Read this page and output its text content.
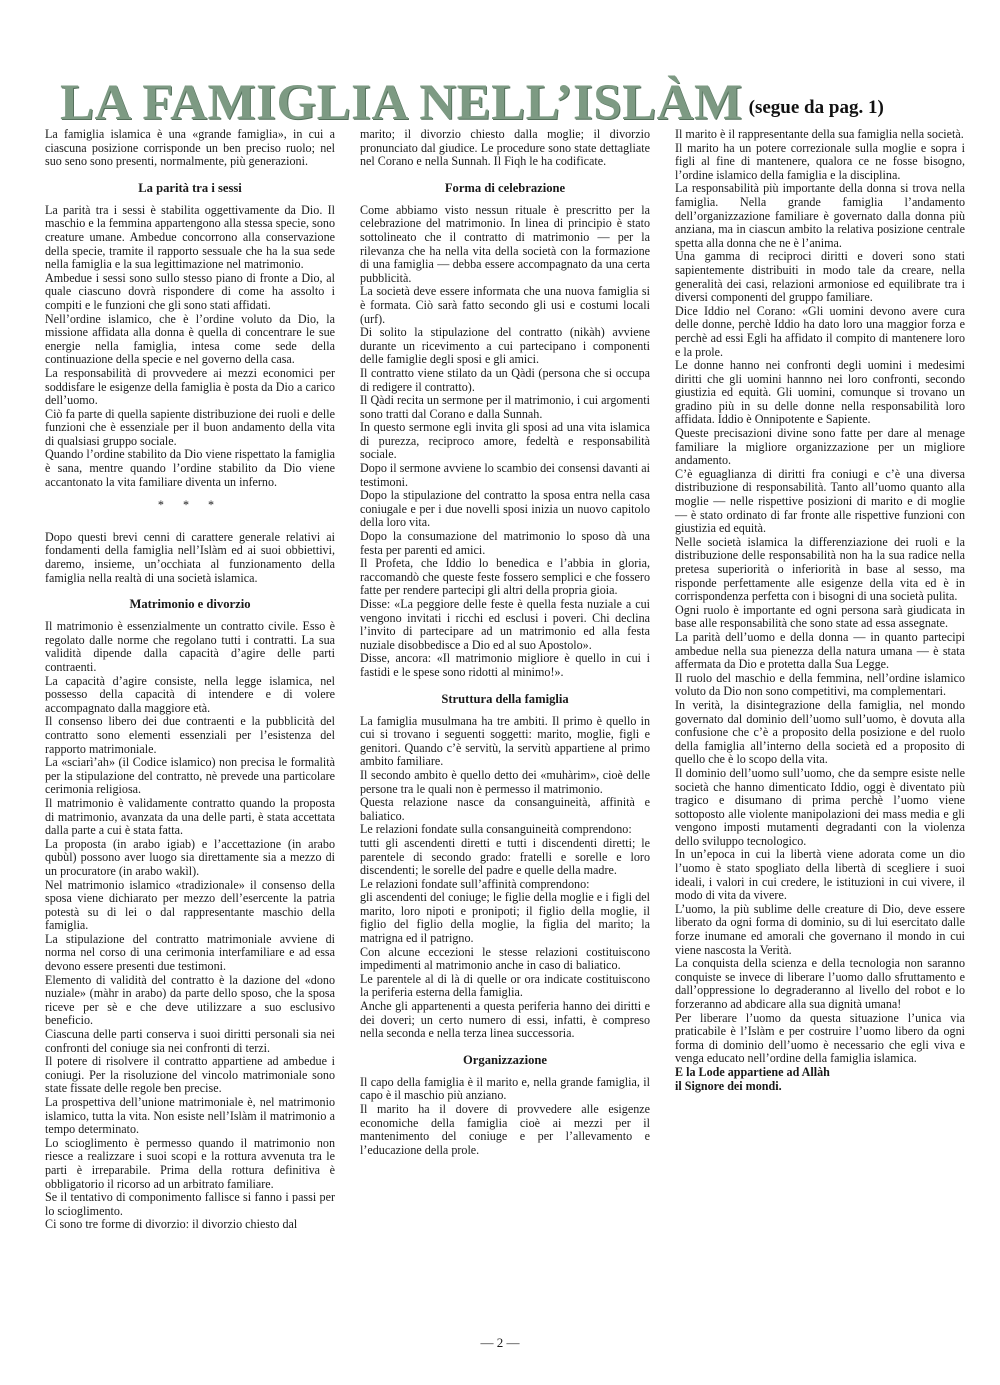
LA FAMIGLIA NELL’ISLÀM (segue da pag. 1)

La famiglia islamica è una «grande famiglia», in cui a ciascuna posizione corrisponde un ben preciso ruolo; nel suo seno sono presenti, normalmente, più generazioni.

La parità tra i sessi

La parità tra i sessi è stabilita oggettivamente da Dio. Il maschio e la femmina appartengono alla stessa specie, sono creature umane. Ambedue concorrono alla conservazione della specie, tramite il rapporto sessuale che ha la sua sede nella famiglia e la sua legittimazione nel matrimonio.

Ambedue i sessi sono sullo stesso piano di fronte a Dio, al quale ciascuno dovrà rispondere di come ha assolto i compiti e le funzioni che gli sono stati affidati.

Nell’ordine islamico, che è l’ordine voluto da Dio, la missione affidata alla donna è quella di concentrare le sue energie nella famiglia, intesa come sede della continuazione della specie e nel governo della casa.

La responsabilità di provvedere ai mezzi economici per soddisfare le esigenze della famiglia è posta da Dio a carico dell’uomo.

Ciò fa parte di quella sapiente distribuzione dei ruoli e delle funzioni che è essenziale per il buon andamento della vita di qualsiasi gruppo sociale.

Quando l’ordine stabilito da Dio viene rispettato la famiglia è sana, mentre quando l’ordine stabilito da Dio viene accantonato la vita familiare diventa un inferno.

* * *

Dopo questi brevi cenni di carattere generale relativi ai fondamenti della famiglia nell’Islàm ed ai suoi obbiettivi, daremo, insieme, un’occhiata al funzionamento della famiglia nella realtà di una società islamica.

Matrimonio e divorzio

Il matrimonio è essenzialmente un contratto civile. Esso è regolato dalle norme che regolano tutti i contratti. La sua validità dipende dalla capacità d’agire delle parti contraenti.

La capacità d’agire consiste, nella legge islamica, nel possesso della capacità di intendere e di volere accompagnato dalla maggiore età.

Il consenso libero dei due contraenti e la pubblicità del contratto sono elementi essenziali per l’esistenza del rapporto matrimoniale.

La «sciarì’ah» (il Codice islamico) non precisa le formalità per la stipulazione del contratto, nè prevede una particolare cerimonia religiosa.

Il matrimonio è validamente contratto quando la proposta di matrimonio, avanzata da una delle parti, è stata accettata dalla parte a cui è stata fatta.

La proposta (in arabo igiab) e l’accettazione (in arabo qubùl) possono aver luogo sia direttamente sia a mezzo di un procuratore (in arabo wakìl).

Nel matrimonio islamico «tradizionale» il consenso della sposa viene dichiarato per mezzo dell’esercente la patria potestà su di lei o dal rappresentante maschio della famiglia.

La stipulazione del contratto matrimoniale avviene di norma nel corso di una cerimonia interfamiliare e ad essa devono essere presenti due testimoni.

Elemento di validità del contratto è la dazione del «dono nuziale» (màhr in arabo) da parte dello sposo, che la sposa riceve per sè e che deve utilizzare a suo esclusivo beneficio.

Ciascuna delle parti conserva i suoi diritti personali sia nei confronti del coniuge sia nei confronti di terzi.

Il potere di risolvere il contratto appartiene ad ambedue i coniugi. Per la risoluzione del vincolo matrimoniale sono state fissate delle regole ben precise.

La prospettiva dell’unione matrimoniale è, nel matrimonio islamico, tutta la vita. Non esiste nell’Islàm il matrimonio a tempo determinato.

Lo scioglimento è permesso quando il matrimonio non riesce a realizzare i suoi scopi e la rottura avvenuta tra le parti è irreparabile. Prima della rottura definitiva è obbligatorio il ricorso ad un arbitrato familiare.

Se il tentativo di componimento fallisce si fanno i passi per lo scioglimento.

Ci sono tre forme di divorzio: il divorzio chiesto dal

marito; il divorzio chiesto dalla moglie; il divorzio pronunciato dal giudice. Le procedure sono state dettagliate nel Corano e nella Sunnah. Il Fiqh le ha codificate.

Forma di celebrazione

Come abbiamo visto nessun rituale è prescritto per la celebrazione del matrimonio. In linea di principio è stato sottolineato che il contratto di matrimonio — per la rilevanza che ha nella vita della società con la formazione di una famiglia — debba essere accompagnato da una certa pubblicità.

La società deve essere informata che una nuova famiglia si è formata. Ciò sarà fatto secondo gli usi e costumi locali (urf).

Di solito la stipulazione del contratto (nikàh) avviene durante un ricevimento a cui partecipano i componenti delle famiglie degli sposi e gli amici.

Il contratto viene stilato da un Qàdi (persona che si occupa di redigere il contratto).

Il Qàdi recita un sermone per il matrimonio, i cui argomenti sono tratti dal Corano e dalla Sunnah.

In questo sermone egli invita gli sposi ad una vita islamica di purezza, reciproco amore, fedeltà e responsabilità sociale.

Dopo il sermone avviene lo scambio dei consensi davanti ai testimoni.

Dopo la stipulazione del contratto la sposa entra nella casa coniugale e per i due novelli sposi inizia un nuovo capitolo della loro vita.

Dopo la consumazione del matrimonio lo sposo dà una festa per parenti ed amici.

Il Profeta, che Iddio lo benedica e l’abbia in gloria, raccomandò che queste feste fossero semplici e che fossero fatte per rendere partecipi gli altri della propria gioia.

Disse: «La peggiore delle feste è quella festa nuziale a cui vengono invitati i ricchi ed esclusi i poveri. Chi declina l’invito di partecipare ad un matrimonio ed alla festa nuziale disobbedisce a Dio ed al suo Apostolo».

Disse, ancora: «Il matrimonio migliore è quello in cui i fastidi e le spese sono ridotti al minimo!».

Struttura della famiglia

La famiglia musulmana ha tre ambiti. Il primo è quello in cui si trovano i seguenti soggetti: marito, moglie, figli e genitori. Quando c’è servitù, la servitù appartiene al primo ambito familiare.

Il secondo ambito è quello detto dei «muhàrim», cioè delle persone tra le quali non è permesso il matrimonio.

Questa relazione nasce da consanguineità, affinità e baliatico.

Le relazioni fondate sulla consanguineità comprendono:

tutti gli ascendenti diretti e tutti i discendenti diretti; le parentele di secondo grado: fratelli e sorelle e loro discendenti; le sorelle del padre e quelle della madre.

Le relazioni fondate sull’affinità comprendono:

gli ascendenti del coniuge; le figlie della moglie e i figli del marito, loro nipoti e pronipoti; il figlio della moglie, il figlio del figlio della moglie, la figlia del marito; la matrigna ed il patrigno.

Con alcune eccezioni le stesse relazioni costituiscono impedimenti al matrimonio anche in caso di baliatico.

Le parentele al di là di quelle or ora indicate costituiscono la periferia esterna della famiglia.

Anche gli appartenenti a questa periferia hanno dei diritti e dei doveri; un certo numero di essi, infatti, è compreso nella seconda e nella terza linea successoria.

Organizzazione

Il capo della famiglia è il marito e, nella grande famiglia, il capo è il maschio più anziano.

Il marito ha il dovere di provvedere alle esigenze economiche della famiglia cioè ai mezzi per il mantenimento del coniuge e per l’allevamento e l’educazione della prole.

Il marito è il rappresentante della sua famiglia nella società.

Il marito ha un potere correzionale sulla moglie e sopra i figli al fine di mantenere, qualora ce ne fosse bisogno, l’ordine islamico della famiglia e la disciplina.

La responsabilità più importante della donna si trova nella famiglia. Nella grande famiglia l’andamento dell’organizzazione familiare è governato dalla donna più anziana, ma in ciascun ambito la relativa posizione centrale spetta alla donna che ne è l’anima.

Una gamma di reciproci diritti e doveri sono stati sapientemente distribuiti in modo tale da creare, nella generalità dei casi, relazioni armoniose ed equilibrate tra i diversi componenti del gruppo familiare.

Dice Iddio nel Corano: «Gli uomini devono avere cura delle donne, perchè Iddio ha dato loro una maggior forza e perchè ad essi Egli ha affidato il compito di mantenere loro e la prole.

Le donne hanno nei confronti degli uomini i medesimi diritti che gli uomini hannno nei loro confronti, secondo giustizia ed equità. Gli uomini, comunque si trovano un gradino più in su delle donne nella responsabilità loro affidata. Iddio è Onnipotente e Sapiente.

Queste precisazioni divine sono fatte per dare al menage familiare la migliore organizzazione per un migliore andamento.

C’è eguaglianza di diritti fra coniugi e c’è una diversa distribuzione di responsabilità. Tanto all’uomo quanto alla moglie — nelle rispettive posizioni di marito e di moglie — è stato ordinato di far fronte alle rispettive funzioni con giustizia ed equità.

Nelle società islamica la differenziazione dei ruoli e la distribuzione delle responsabilità non ha la sua radice nella pretesa superiorità o inferiorità in base al sesso, ma risponde perfettamente alle esigenze della vita ed è in corrispondenza perfetta con i bisogni di una società pulita.

Ogni ruolo è importante ed ogni persona sarà giudicata in base alle responsabilità che sono state ad essa assegnate.

La parità dell’uomo e della donna — in quanto partecipi ambedue nella sua pienezza della natura umana — è stata affermata da Dio e protetta dalla Sua Legge.

Il ruolo del maschio e della femmina, nell’ordine islamico voluto da Dio non sono competitivi, ma complementari.

In verità, la disintegrazione della famiglia, nel mondo governato dal dominio dell’uomo sull’uomo, è dovuta alla confusione che c’è a proposito della posizione e del ruolo della famiglia all’interno della società ed a proposito di quello che è lo scopo della vita.

Il dominio dell’uomo sull’uomo, che da sempre esiste nelle società che hanno dimenticato Iddio, oggi è diventato più tragico e disumano di prima perchè l’uomo viene sottoposto alle violente manipolazioni dei mass media e gli vengono imposti mutamenti degradanti con la violenza dello sviluppo tecnologico.

In un’epoca in cui la libertà viene adorata come un dio l’uomo è stato spogliato della libertà di scegliere i suoi ideali, i valori in cui credere, le istituzioni in cui vivere, il modo di vita da vivere.

L’uomo, la più sublime delle creature di Dio, deve essere liberato da ogni forma di dominio, su di lui esercitato dalle forze inumane ed amorali che governano il mondo in cui viene nascosta la Verità.

La conquista della scienza e della tecnologia non saranno conquiste se invece di liberare l’uomo dallo sfruttamento e dall’oppressione lo degraderanno al livello del robot e lo forzeranno ad abdicare alla sua dignità umana!

Per liberare l’uomo da questa situazione l’unica via praticabile è l’Islàm e per costruire l’uomo libero da ogni forma di dominio dell’uomo è necessario che egli viva e venga educato nell’ordine della famiglia islamica.

E la Lode appartiene ad Allàh

il Signore dei mondi.

— 2 —
